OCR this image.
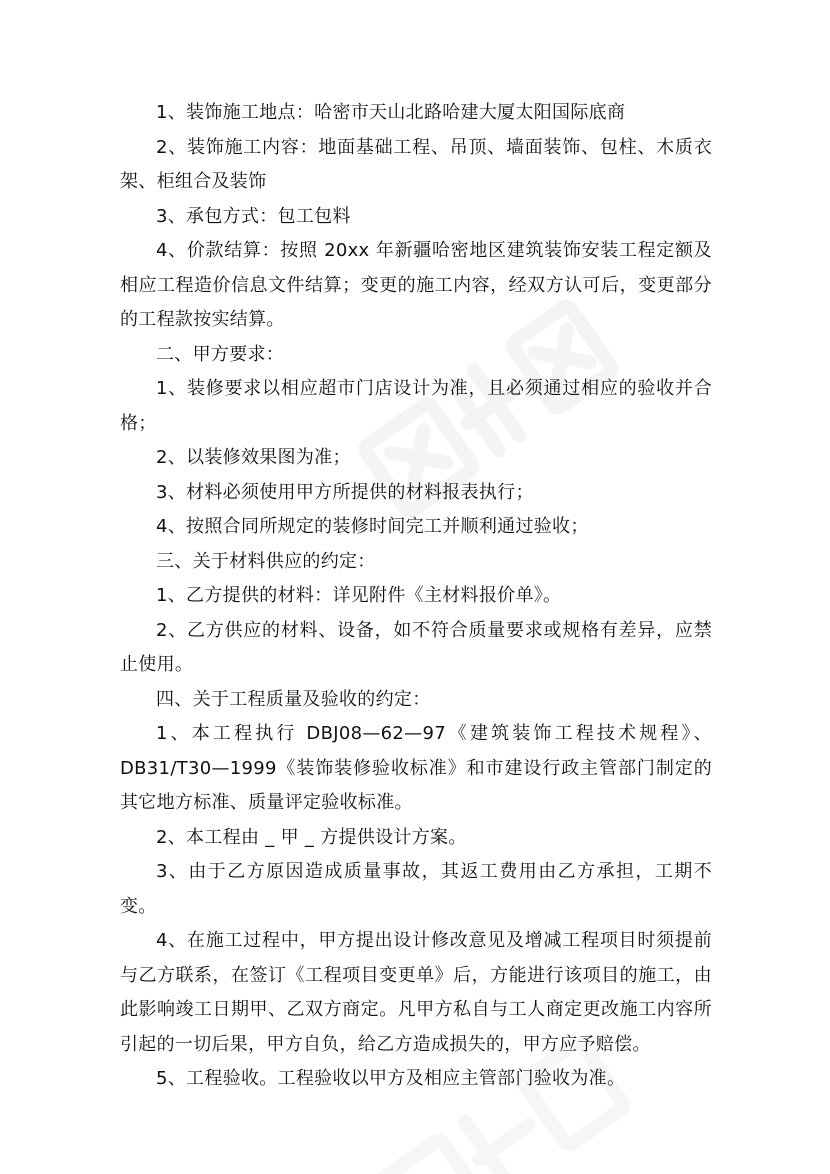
1、装饰施工地点：哈密市天山北路哈建大厦太阳国际底商

2、装饰施工内容：地面基础工程、吊顶、墙面装饰、包柱、木质衣架、柜组合及装饰

3、承包方式：包工包料

4、价款结算：按照 20xx 年新疆哈密地区建筑装饰安装工程定额及相应工程造价信息文件结算；变更的施工内容，经双方认可后，变更部分的工程款按实结算。

二、甲方要求：

1、装修要求以相应超市门店设计为准，且必须通过相应的验收并合格；

2、以装修效果图为准；

3、材料必须使用甲方所提供的材料报表执行；

4、按照合同所规定的装修时间完工并顺利通过验收；

三、关于材料供应的约定：

1、乙方提供的材料：详见附件《主材料报价单》。

2、乙方供应的材料、设备，如不符合质量要求或规格有差异，应禁止使用。

四、关于工程质量及验收的约定：

1、本工程执行 DBJ08—62—97《建筑装饰工程技术规程》、DB31/T30—1999《装饰装修验收标准》和市建设行政主管部门制定的其它地方标准、质量评定验收标准。

2、本工程由 _ 甲 _ 方提供设计方案。

3、由于乙方原因造成质量事故，其返工费用由乙方承担，工期不变。

4、在施工过程中，甲方提出设计修改意见及增减工程项目时须提前与乙方联系，在签订《工程项目变更单》后，方能进行该项目的施工，由此影响竣工日期甲、乙双方商定。凡甲方私自与工人商定更改施工内容所引起的一切后果，甲方自负，给乙方造成损失的，甲方应予赔偿。

5、工程验收。工程验收以甲方及相应主管部门验收为准。
